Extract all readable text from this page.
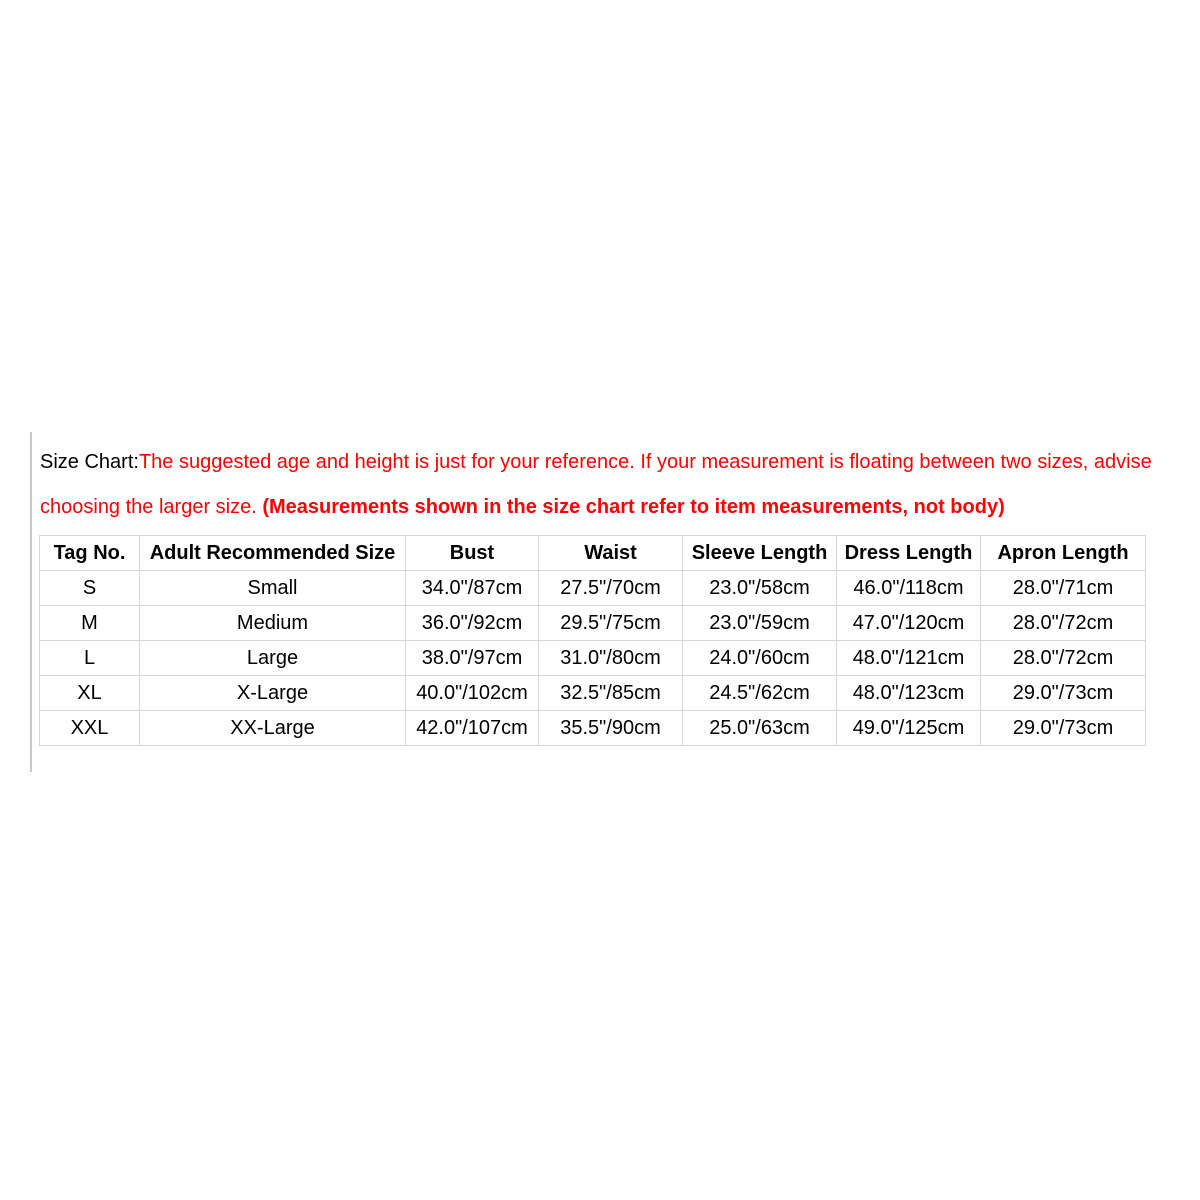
Size Chart:The suggested age and height is just for your reference. If your measurement is floating between two sizes, advise choosing the larger size. (Measurements shown in the size chart refer to item measurements, not body)
Tag No.	Adult Recommended Size	Bust	Waist	Sleeve Length	Dress Length	Apron Length
S	Small	34.0"/87cm	27.5"/70cm	23.0"/58cm	46.0"/118cm	28.0"/71cm
M	Medium	36.0"/92cm	29.5"/75cm	23.0"/59cm	47.0"/120cm	28.0"/72cm
L	Large	38.0"/97cm	31.0"/80cm	24.0"/60cm	48.0"/121cm	28.0"/72cm
XL	X-Large	40.0"/102cm	32.5"/85cm	24.5"/62cm	48.0"/123cm	29.0"/73cm
XXL	XX-Large	42.0"/107cm	35.5"/90cm	25.0"/63cm	49.0"/125cm	29.0"/73cm
